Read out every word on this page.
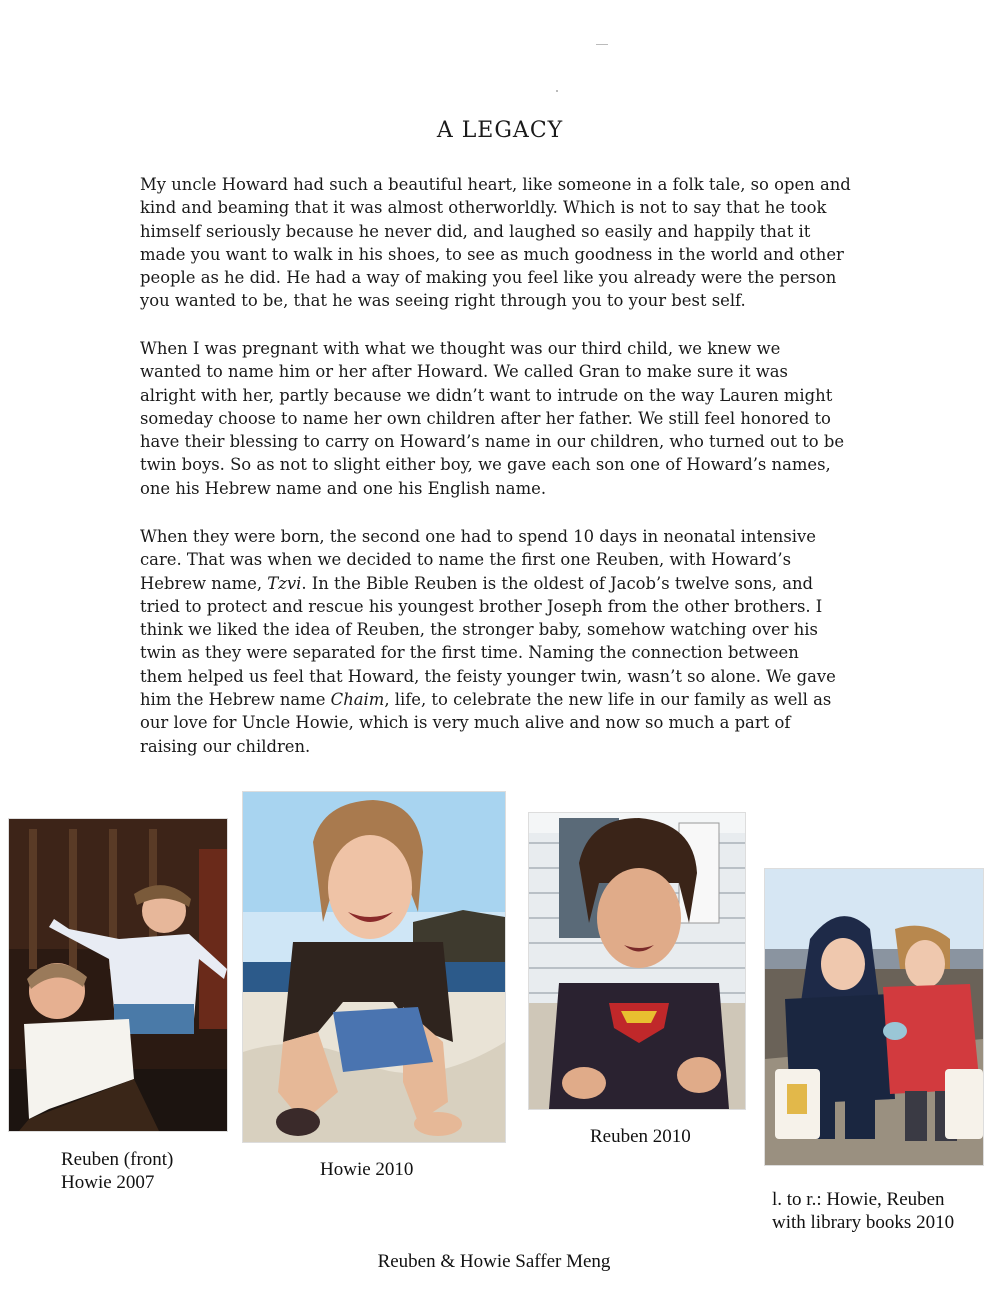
A LEGACY

My uncle Howard had such a beautiful heart, like someone in a folk tale, so open and
kind and beaming that it was almost otherworldly. Which is not to say that he took
himself seriously because he never did, and laughed so easily and happily that it
made you want to walk in his shoes, to see as much goodness in the world and other
people as he did. He had a way of making you feel like you already were the person
you wanted to be, that he was seeing right through you to your best self.

When I was pregnant with what we thought was our third child, we knew we
wanted to name him or her after Howard. We called Gran to make sure it was
alright with her, partly because we didn’t want to intrude on the way Lauren might
someday choose to name her own children after her father. We still feel honored to
have their blessing to carry on Howard’s name in our children, who turned out to be
twin boys. So as not to slight either boy, we gave each son one of Howard’s names,
one his Hebrew name and one his English name.

When they were born, the second one had to spend 10 days in neonatal intensive
care. That was when we decided to name the first one Reuben, with Howard’s
Hebrew name, Tzvi. In the Bible Reuben is the oldest of Jacob’s twelve sons, and
tried to protect and rescue his youngest brother Joseph from the other brothers. I
think we liked the idea of Reuben, the stronger baby, somehow watching over his
twin as they were separated for the first time. Naming the connection between
them helped us feel that Howard, the feisty younger twin, wasn’t so alone. We gave
him the Hebrew name Chaim, life, to celebrate the new life in our family as well as
our love for Uncle Howie, which is very much alive and now so much a part of
raising our children.

Reuben (front)
Howie 2007
Howie 2010
Reuben 2010
l. to r.: Howie, Reuben
with library books 2010
Reuben & Howie Saffer Meng
